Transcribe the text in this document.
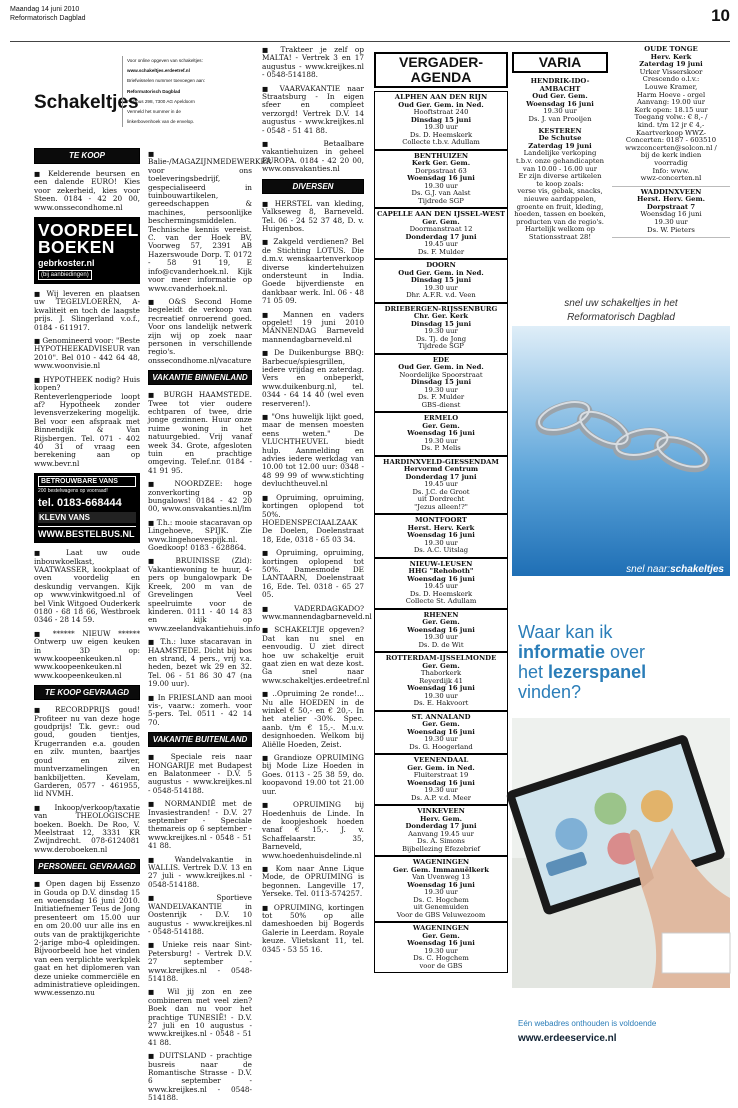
Maandag 14 juni 2010
Reformatorisch Dagblad	10
Schakeltjes
Voor online opgeven van schakeltjes:
www.schakeltjes.erdeetref.nl
Briefwisselen nummer toevoegen aan:
Reformatorisch Dagblad
Postbus 298, 7300 AG Apeldoorn
Vermeld het nummer in de
linkerbovenhoek van de envelop.
TE KOOP

■ Kelderende beursen en een dalende EURO! Kies voor zekerheid, kies voor Steen. 0184 - 42 20 00, www.onssecondhome.nl

VOORDEEL
BOEKEN
gebrkoster.nl
(bij aanbiedingen)

■ Wij leveren en plaatsen uw TEGELVLOEREN, A-kwaliteit en toch de laagste prijs. J. Slingerland v.o.f., 0184 - 611917.

■ Genomineerd voor: "Beste HYPOTHEEKADVISEUR van 2010". Bel 010 - 442 64 48, www.woonvisie.nl

■ HYPOTHEEK nodig? Huis kopen? Renteverlengperiode loopt af? Hypotheek zonder levensverzekering mogelijk. Bel voor een afspraak met Binnendijk & Van Rijsbergen. Tel. 071 - 402 40 31 of vraag een berekening aan op www.bevr.nl

BETROUWBARE VANS
200 bestelwagens op voorraad!
tel. 0183-668444
KLEVN VANS
WWW.BESTELBUS.NL

■ Laat uw oude inbouwkoelkast, VAATWASSER, kookplaat of oven voordelig en deskundig vervangen. Kijk op www.vinkwitgoed.nl of bel Vink Witgoed Ouderkerk 0180 - 68 18 66, Westbroek 0346 - 28 14 59.

■ ****** NIEUW ****** Ontwerp uw eigen keuken in 3D op: www.koopeenkeuken.nl www.koopeenkeuken.nl www.koopeenkeuken.nl

TE KOOP GEVRAAGD

■ RECORDPRIJS goud! Profiteer nu van deze hoge goudprijs! T.k. gevr.: oud goud, gouden tientjes, Krugerranden e.a. gouden en zilv. munten, baartjes goud en zilver, muntverzamelingen en bankbiljetten. Kevelam, Garderen, 0577 - 461955, lid NVMH.

■ Inkoop/verkoop/taxatie van THEOLOGISCHE boeken. Boekh. De Roo, V. Meelstraat 12, 3331 KR Zwijndrecht. 078-6124081 www.deroboeken.nl

PERSONEEL GEVRAAGD

■ Open dagen bij Essenzo in Gouda op D.V. dinsdag 15 en woensdag 16 juni 2010. Initiatiefnemer Teus de Jong presenteert om 15.00 uur en om 20.00 uur alle ins en outs van de praktijkgerichte 2-jarige mbo-4 opleidingen. Bijvoorbeeld hoe het vinden van een verplichte werkplek gaat en het diplomeren van deze unieke commerciële en administratieve opleidingen. www.essenzo.nu

■ Balie-/MAGAZIJNMEDEWERKER voor ons toeleveringsbedrijf, gespecialiseerd in tuinbouwartikelen, gereedschappen & machines, persoonlijke beschermingsmiddelen. Technische kennis vereist. C. van der Hoek BV, Voorweg 57, 2391 AB Hazerswoude Dorp. T. 0172 - 58 91 19, E info@cvanderhoek.nl. Kijk voor meer informatie op www.cvanderhoek.nl.

■ O&S Second Home begeleidt de verkoop van recreatief onroerend goed. Voor ons landelijk netwerk zijn wij op zoek naar personen in verschillende regio's. onssecondhome.nl/vacature

VAKANTIE BINNENLAND

■ BURGH HAAMSTEDE. Twee tot vier oudere echtparen of twee, drie jonge gezinnen. Huur onze ruime woning in het natuurgebied. Vrij vanaf week 34. Grote, afgesloten tuin en prachtige omgeving. Telef.nr. 0184 - 41 91 95.

■ NOORDZEE: hoge zonverkorting op bungalows! 0184 - 42 20 00, www.onsvakanties.nl/lm

■ T.h.: mooie stacaravan op Lingehoeve, SPIJK. Zie www.lingehoevespijk.nl. Goedkoop! 0183 - 628864.

■ BRUINISSE (Zld): Vakantiewoning te huur, 4-pers op bungalowpark De Kreek, 200 m van de Grevelingen Veel speelruimte voor de kinderen. 0111 - 40 14 83 en kijk op www.zeelandvakantiehuis.info

■ T.h.: luxe stacaravan in HAAMSTEDE. Dicht bij bos en strand, 4 pers., vrij v.a. heden, bezet wk 29 en 32. Tel. 06 - 51 86 30 47 (na 19.00 uur).

■ In FRIESLAND aan mooi vis-, vaarw.: zomerh. voor 5-pers. Tel. 0511 - 42 14 70.

VAKANTIE BUITENLAND

■ Speciale reis naar HONGARIJE met Budapest en Balatonmeer - D.V. 5 augustus - www.kreijkes.nl - 0548-514188.

■ NORMANDIË met de Invasiestranden! - D.V. 27 september - Speciale themareis op 6 september - www.kreijkes.nl - 0548 - 51 41 88.

■ Wandelvakantie in WALLIS. Vertrek D.V. 13 en 27 juli - www.kreijkes.nl - 0548-514188.

■ Sportieve WANDELVAKANTIE in Oostenrijk - D.V. 10 augustus - www.kreijkes.nl - 0548-514188.

■ Unieke reis naar Sint-Petersburg! - Vertrek D.V. 27 september - www.kreijkes.nl - 0548-514188.

■ Wil jij zon en zee combineren met veel zien? Boek dan nu voor het prachtige TUNESIË! - D.V. 27 juli en 10 augustus - www.kreijkes.nl - 0548 - 51 41 88.

■ DUITSLAND - prachtige busreis naar de Romantische Strasse - D.V. 6 september - www.kreijkes.nl - 0548-514188.

■ Trakteer je zelf op MALTA! - Vertrek 3 en 17 augustus - www.kreijkes.nl - 0548-514188.

■ VAARVAKANTIE naar Straatsburg - In eigen sfeer en compleet verzorgd! Vertrek D.V. 14 augustus - www.kreijkes.nl - 0548 - 51 41 88.

■ Betaalbare vakantiehuizen in geheel EUROPA. 0184 - 42 20 00, www.onsvakanties.nl

DIVERSEN

■ HERSTEL van kleding, Valkseweg 8, Barneveld. Tel. 06 - 24 52 37 48, D. v. Huigenbos.

■ Zakgeld verdienen? Bel de Stichting LOTUS. Die d.m.v. wenskaartenverkoop diverse kindertehuizen ondersteunt in India. Goede bijverdienste en dankbaar werk. Inl. 06 - 48 71 05 09.

■ Mannen en vaders opgelet! 19 juni 2010 MANNENDAG Barneveld mannendagbarneveld.nl

■ De Duikenburgse BBQ: Barbecue/spiesgrillen, iedere vrijdag en zaterdag. Vers en onbeperkt, www.duikenburg.nl, tel. 0344 - 64 14 40 (wel even reserveren!).

■ "Ons huwelijk lijkt goed, maar de mensen moesten eens weten." De VLUCHTHEUVEL biedt hulp. Aanmelding en advies iedere werkdag van 10.00 tot 12.00 uur: 0348 - 48 99 99 of www.stichting devluchtheuvel.nl

■ Opruiming, opruiming, kortingen oplopend tot 50%. HOEDENSPECIAALZAAK De Doelen, Doelenstraat 18, Ede, 0318 - 65 03 34.

■ Opruiming, opruiming, kortingen oplopend tot 50%. Damesmode DE LANTAARN, Doelenstraat 16, Ede. Tel. 0318 - 65 27 05.

■ VADERDAGKADO? www.mannendagbarneveld.nl

■ SCHAKELTJE opgeven? Dat kan nu snel en eenvoudig. U ziet direct hoe uw schakeltje eruit gaat zien en wat deze kost. Ga snel naar www.schakeltjes.erdeetref.nl

■ ..Opruiming 2e ronde!... Nu alle HOEDEN in de winkel € 50,- en € 20,-. In het atelier -30%. Spec. aanb. t/m € 15,-. M.u.v. designhoeden. Welkom bij Aliëlle Hoeden, Zeist.

■ Grandioze OPRUIMING bij Mode Lize Hoeden in Goes. 0113 - 25 38 59, do. koopavond 19.00 tot 21.00 uur.

■ OPRUIMING bij Hoedenhuis de Linde. In de koopjeshoek hoeden vanaf € 15,-. J. v. Schaffelaarstr. 35, Barneveld, www.hoedenhuisdelinde.nl

■ Kom naar Anne Lique Mode, de OPRUIMING is begonnen. Langeville 17, Yerseke. Tel. 0113-574257.

■ OPRUIMING, kortingen tot 50% op alle dameshoeden bij Bogerds Galerie in Leerdam. Royale keuze. Vlietskant 11, tel. 0345 - 53 55 16.

VERGADER-AGENDA
ALPHEN AAN DEN RIJN
Oud Ger. Gem. in Ned.
Hooftstraat 240
Dinsdag 15 juni
19.30 uur
Ds. D. Heemskerk
Collecte t.b.v. Adullam
BENTHUIZEN
Kerk Ger. Gem.
Dorpsstraat 63
Woensdag 16 juni
19.30 uur
Ds. G.J. van Aalst
Tijdrede SGP
CAPELLE AAN DEN IJSSEL-WEST
Ger. Gem.
Doormanstraat 12
Donderdag 17 juni
19.45 uur
Ds. F. Mulder
DOORN
Oud Ger. Gem. in Ned.
Dinsdag 15 juni
19.30 uur
Dhr. A.F.R. v.d. Veen
DRIEBERGEN-RIJSSENBURG
Chr. Ger. Kerk
Dinsdag 15 juni
19.30 uur
Ds. Tj. de Jong
Tijdrede SGP
EDE
Oud Ger. Gem. in Ned.
Noordelijke Spoorstraat
Dinsdag 15 juni
19.30 uur
Ds. F. Mulder
GBS-dienst
ERMELO
Ger. Gem.
Woensdag 16 juni
19.30 uur
Ds. P. Melis
HARDINXVELD-GIESSENDAM
Hervormd Centrum
Donderdag 17 juni
19.45 uur
Ds. J.C. de Groot
uit Dordrecht
"Jezus alleen!?"
MONTFOORT
Herst. Herv. Kerk
Woensdag 16 juni
19.30 uur
Ds. A.C. Uitslag
NIEUW-LEUSEN
HHG "Rehoboth"
Woensdag 16 juni
19.45 uur
Ds. D. Heemskerk
Collecte St. Adullam
RHENEN
Ger. Gem.
Woensdag 16 juni
19.30 uur
Ds. D. de Wit
ROTTERDAM-IJSSELMONDE
Ger. Gem.
Thaborkerk
Reyerdijk 41
Woensdag 16 juni
19.30 uur
Ds. E. Hakvoort
ST. ANNALAND
Ger. Gem.
Woensdag 16 juni
19.30 uur
Ds. G. Hoogerland
VEENENDAAL
Ger. Gem. in Ned.
Fluiterstraat 19
Woensdag 16 juni
19.30 uur
Ds. A.P. v.d. Meer
VINKEVEEN
Herv. Gem.
Donderdag 17 juni
Aanvang 19.45 uur
Ds. A. Simons
Bijbellezing Efezebrief
WAGENINGEN
Ger. Gem. Immanuëlkerk
Van Uvenweg 13
Woensdag 16 juni
19.30 uur
Ds. C. Hogchem
uit Genemuiden
Voor de GBS Veluwezoom
WAGENINGEN
Ger. Gem.
Woensdag 16 juni
19.30 uur
Ds. C. Hogchem
voor de GBS
VARIA
HENDRIK-IDO-AMBACHT
Oud Ger. Gem.
Woensdag 16 juni
19.30 uur
Ds. J. van Prooijen
KESTEREN
De Schutse
Zaterdag 19 juni
Landelijke verkoping
t.b.v. onze gehandicapten
van 10.00 - 16.00 uur
Er zijn diverse artikelen
te koop zoals:
verse vis, gebak, snacks,
nieuwe aardappelen,
groente en fruit, kleding,
hoeden, tassen en boeken,
producten van de regio's.
Hartelijk welkom op
Stationsstraat 28!
OUDE TONGE
Herv. Kerk
Zaterdag 19 juni
Urker Visserskoor
Crescendo o.l.v.:
Louwe Kramer,
Harm Hoeve - orgel
Aanvang: 19.00 uur
Kerk open: 18.15 uur
Toegang volw.: € 8,- /
kind. t/m 12 jr € 4,-
Kaartverkoop WWZ-
Concerten: 0187 - 603510
wwzconcerten@solcon.nl /
bij de kerk indien
voorradig
Info: www.
wwz-concerten.nl
WADDINXVEEN
Herst. Herv. Gem.
Dorpstraat 7
Woensdag 16 juni
19.30 uur
Ds. W. Pieters
snel uw schakeltjes in het
Reformatorisch Dagblad
snel naar:schakeltjes
op www.erdeetref.nl
Waar kan ik
informatie over
het lezerspanel
vinden?
Eén webadres onthouden is voldoende
www.erdeeservice.nl
